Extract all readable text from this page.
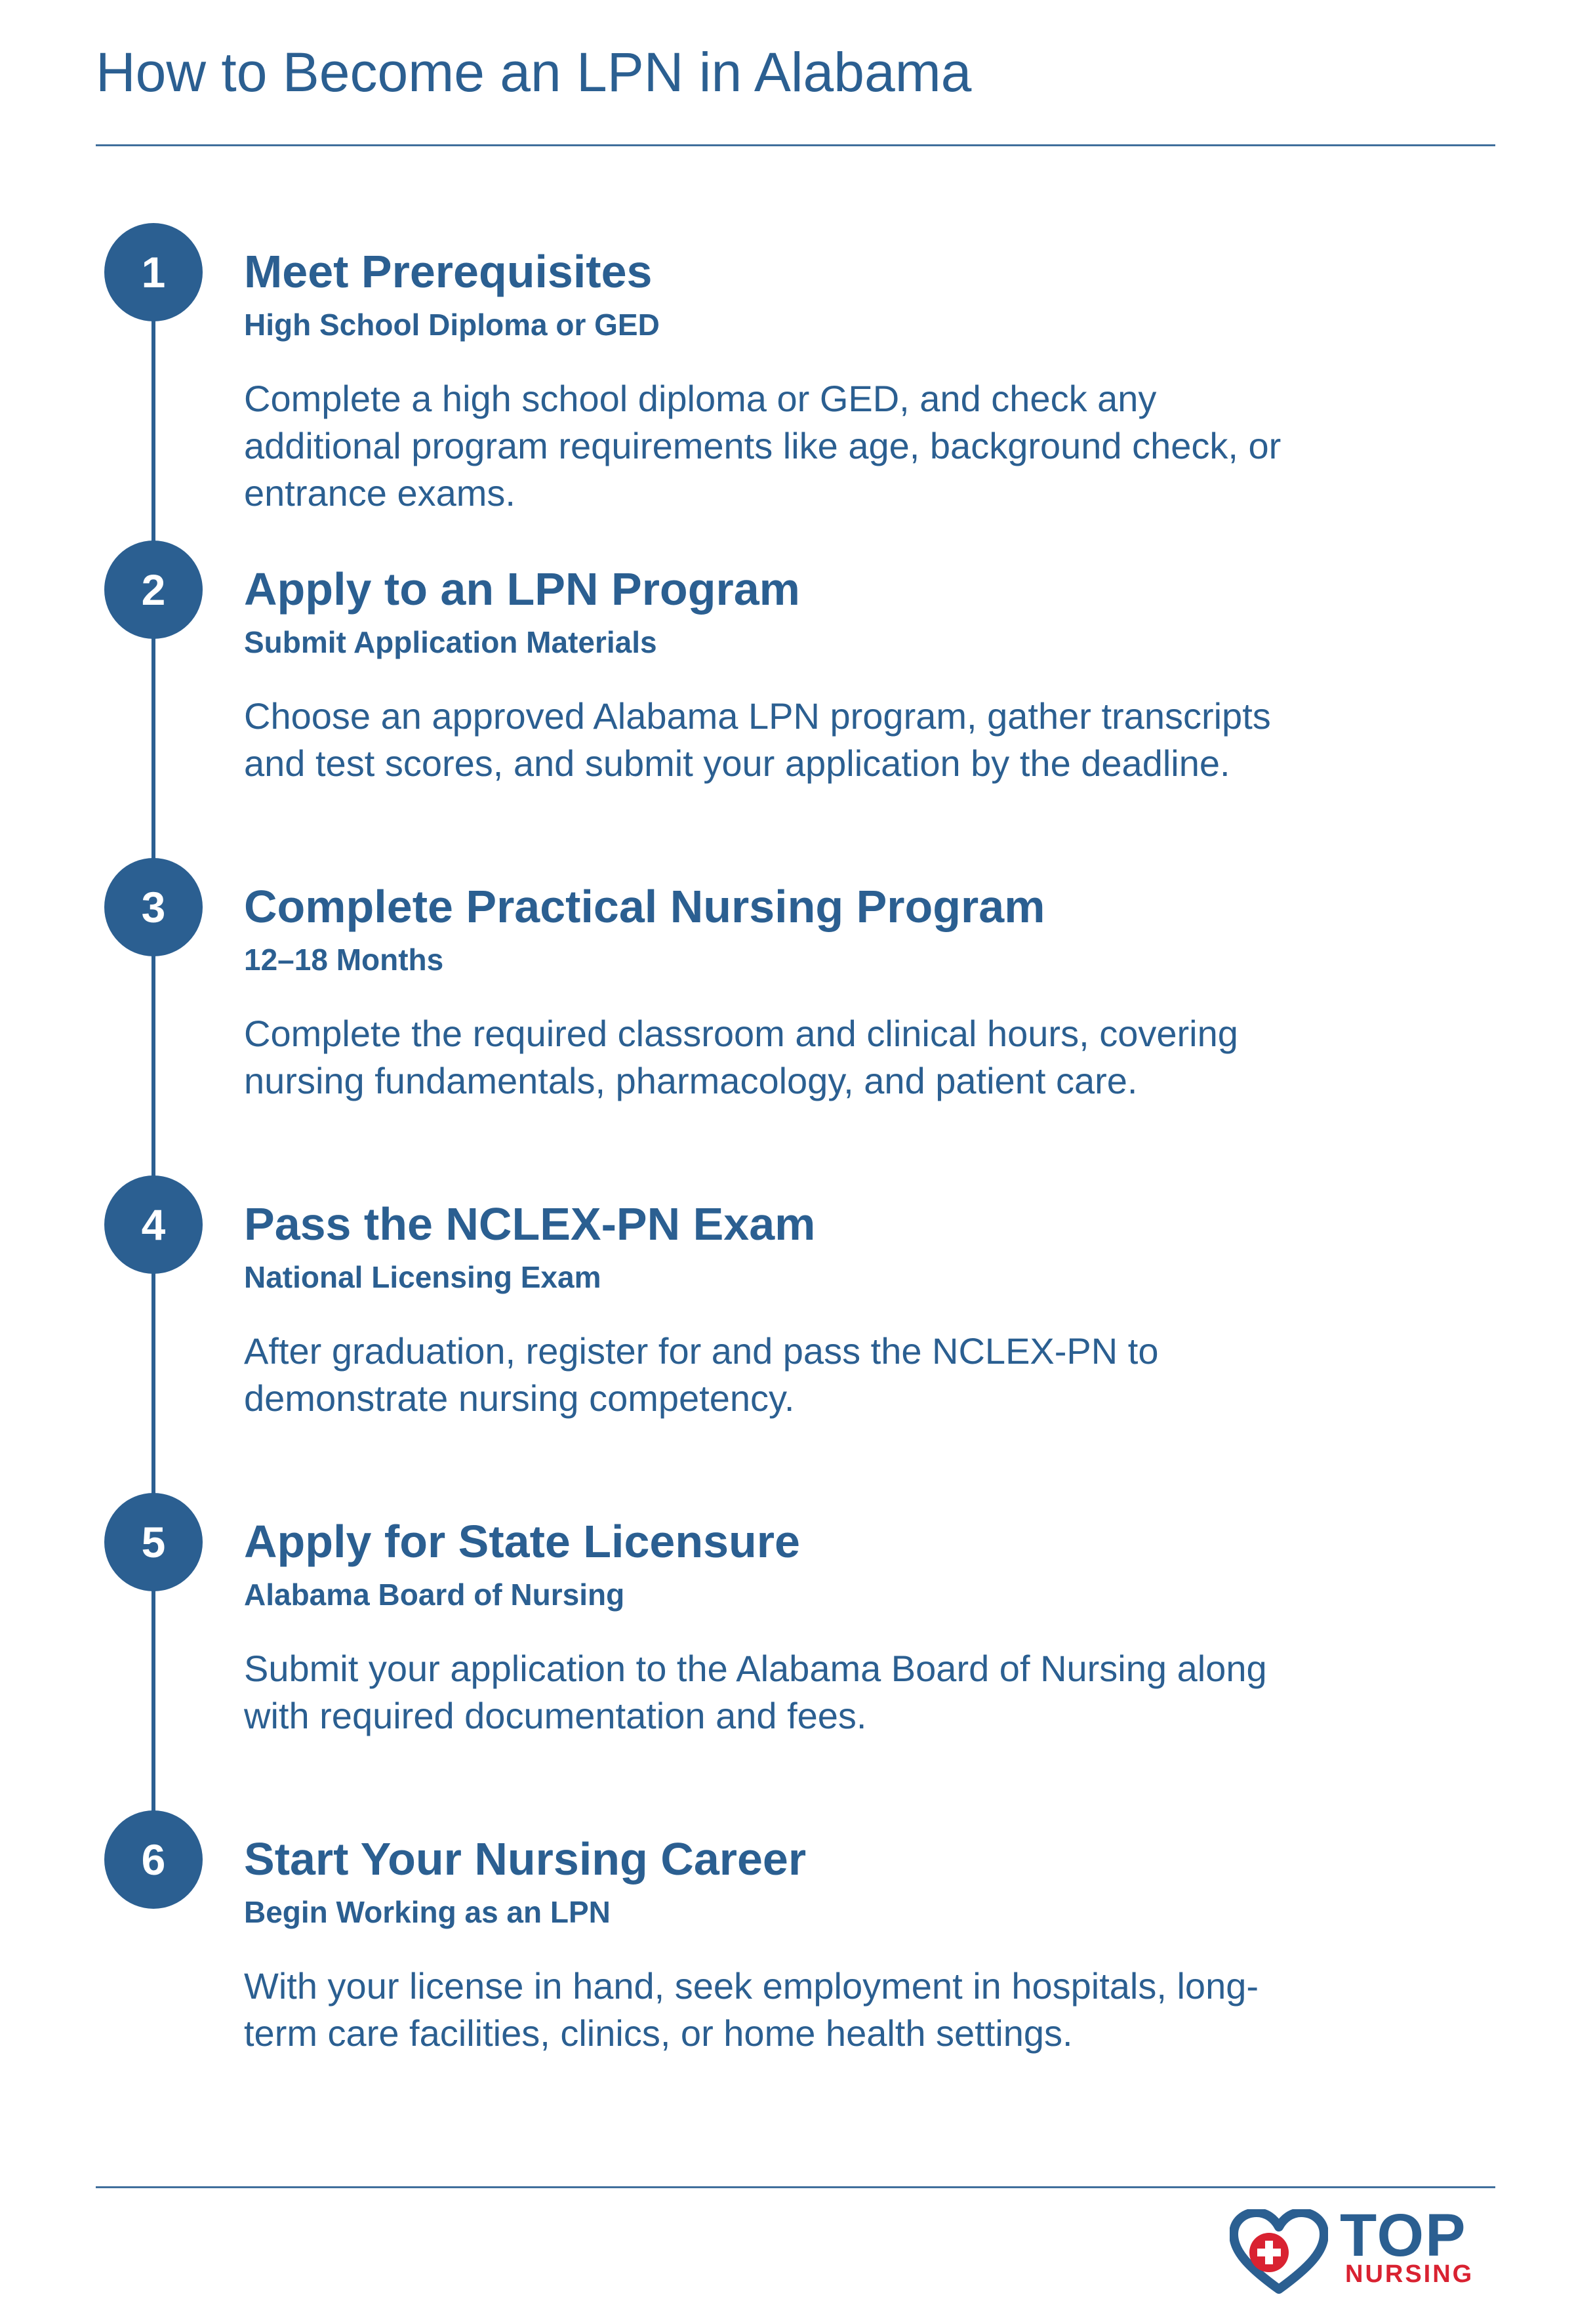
How to Become an LPN in Alabama
1	Meet Prerequisites
High School Diploma or GED

Complete a high school diploma or GED, and check any additional program requirements like age, background check, or entrance exams.

2	Apply to an LPN Program
Submit Application Materials

Choose an approved Alabama LPN program, gather transcripts and test scores, and submit your application by the deadline.

3	Complete Practical Nursing Program
12–18 Months

Complete the required classroom and clinical hours, covering nursing fundamentals, pharmacology, and patient care.

4	Pass the NCLEX-PN Exam
National Licensing Exam

After graduation, register for and pass the NCLEX-PN to demonstrate nursing competency.

5	Apply for State Licensure
Alabama Board of Nursing

Submit your application to the Alabama Board of Nursing along with required documentation and fees.

6	Start Your Nursing Career
Begin Working as an LPN

With your license in hand, seek employment in hospitals, long-term care facilities, clinics, or home health settings.

TOP
NURSING
